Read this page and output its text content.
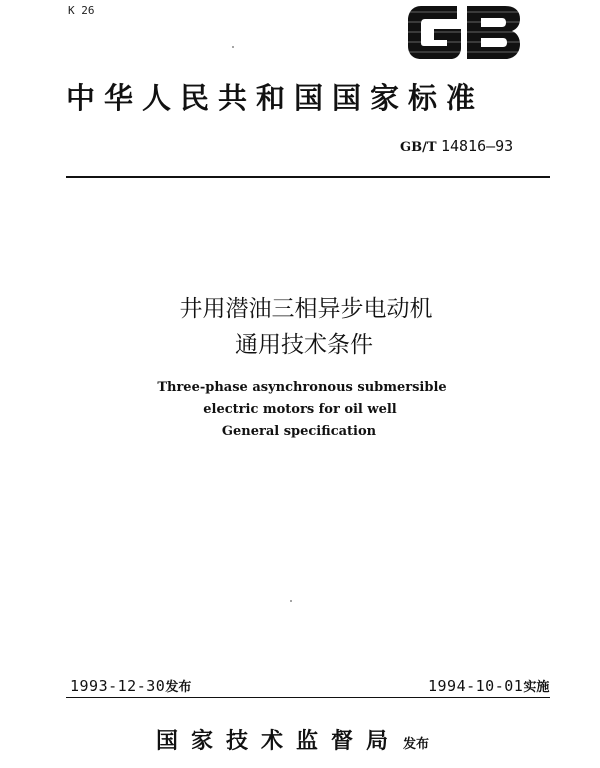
K 26
中华人民共和国国家标准
GB/T 14816—93
井用潜油三相异步电动机
通用技术条件
Three-phase asynchronous submersible
electric motors for oil well
General specification
1993-12-30发布	1994-10-01实施
国家技术监督局 发布
